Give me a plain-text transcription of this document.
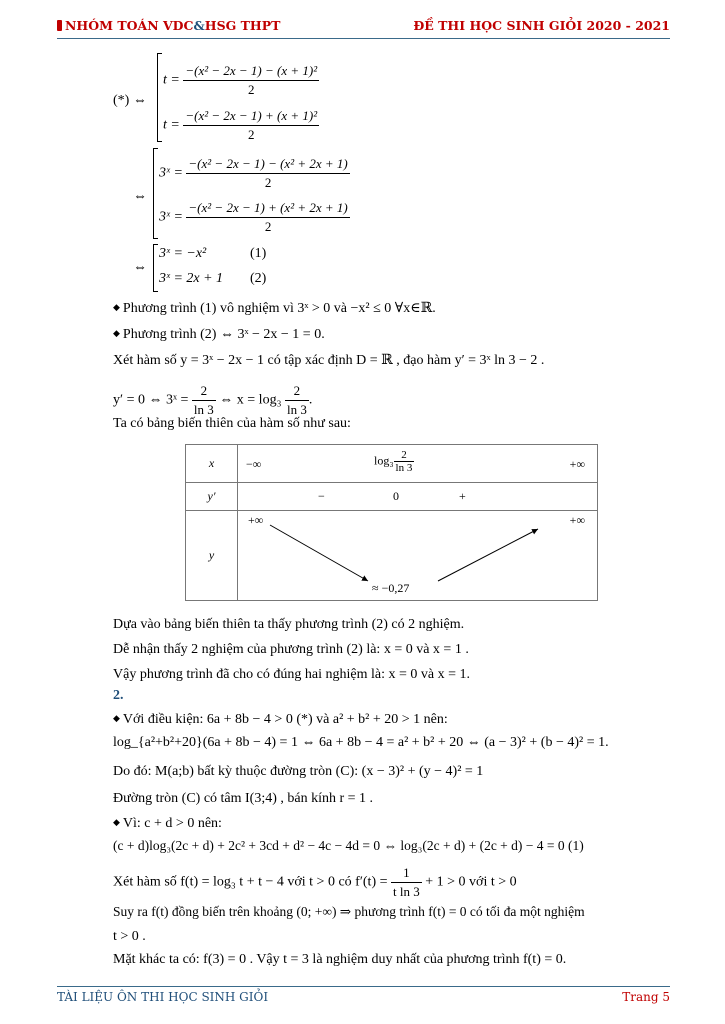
NHÓM TOÁN VDC&HSG THPT	ĐỀ THI HỌC SINH GIỎI 2020 - 2021
(*) ⇔
$t = \frac{\text{−(x² − 2x − 1) − (x + 1)²}}{2}$
$t = \frac{\text{−(x² − 2x − 1) + (x + 1)²}}{2}$
⇔
3ˣ = $\frac{\text{−(x² − 2x − 1) − (x² + 2x + 1)}}{2}$
3ˣ = $\frac{\text{−(x² − 2x − 1) + (x² + 2x + 1)}}{2}$
⇔
3ˣ = −x²	(1)
3ˣ = 2x + 1 (2)
◆ Phương trình (1) vô nghiệm vì 3ˣ > 0 và −x² ≤ 0 ∀x∈ℝ.
◆ Phương trình (2) ⇔ 3ˣ − 2x − 1 = 0.
Xét hàm số y = 3ˣ − 2x − 1 có tập xác định D = ℝ , đạo hàm y′ = 3ˣ ln 3 − 2 .
y′ = 0 ⇔ 3ˣ = $\frac{2}{\ln 3}$ ⇔ $x = \log_3 \frac{2}{\ln 3}$ .
Ta có bảng biến thiên của hàm số như sau:
x	−∞ $\log_3 \frac{2}{\ln 3}$ +∞

y′	− 0 +

y	+∞ +∞
≈ −0,27
Dựa vào bảng biến thiên ta thấy phương trình (2) có 2 nghiệm.
Dễ nhận thấy 2 nghiệm của phương trình (2) là: x = 0 và x = 1 .
Vậy phương trình đã cho có đúng hai nghiệm là: x = 0 và x = 1.
2.
◆ Với điều kiện: 6a + 8b − 4 > 0 (*) và a² + b² + 20 > 1 nên:
log_{a²+b²+20}(6a + 8b − 4) = 1 ⇔ 6a + 8b − 4 = a² + b² + 20 ⇔ (a − 3)² + (b − 4)² = 1.
Do đó: M(a;b) bất kỳ thuộc đường tròn (C): (x − 3)² + (y − 4)² = 1
Đường tròn (C) có tâm I(3;4) , bán kính r = 1 .
◆ Vì: c + d > 0 nên:
(c + d)log₃(2c + d) + 2c² + 3cd + d² − 4c − 4d = 0 ⇔ log₃(2c + d) + (2c + d) − 4 = 0 (1)
Xét hàm số f(t) = log₃ t + t − 4 với t > 0 có $f'(t) = \frac{1}{\text{t ln 3}} + 1 > 0$ với t > 0
Suy ra f(t) đồng biến trên khoảng (0; +∞) ⇒ phương trình f(t) = 0 có tối đa một nghiệm
t > 0 .
Mặt khác ta có: f(3) = 0 . Vậy t = 3 là nghiệm duy nhất của phương trình f(t) = 0.
TÀI LIỆU ÔN THI HỌC SINH GIỎI	Trang 5
